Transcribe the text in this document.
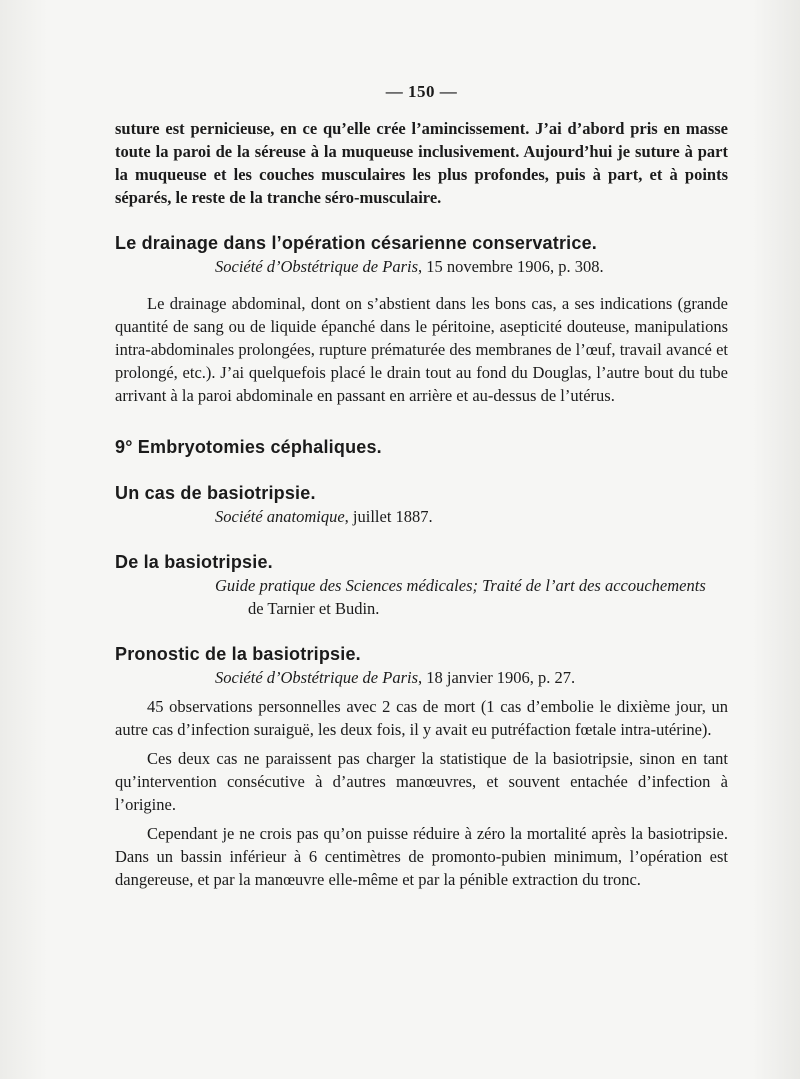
— 150 —

suture est pernicieuse, en ce qu’elle crée l’amincissement. J’ai d’abord pris en masse toute la paroi de la séreuse à la muqueuse inclusivement. Aujourd’hui je suture à part la muqueuse et les couches musculaires les plus profondes, puis à part, et à points séparés, le reste de la tranche séro-musculaire.

Le drainage dans l’opération césarienne conservatrice.
Société d’Obstétrique de Paris, 15 novembre 1906, p. 308.

Le drainage abdominal, dont on s’abstient dans les bons cas, a ses indications (grande quantité de sang ou de liquide épanché dans le péritoine, asepticité douteuse, manipulations intra-abdominales prolongées, rupture prématurée des membranes de l’œuf, travail avancé et prolongé, etc.). J’ai quelquefois placé le drain tout au fond du Douglas, l’autre bout du tube arrivant à la paroi abdominale en passant en arrière et au-dessus de l’utérus.

9° Embryotomies céphaliques.
Un cas de basiotripsie.
Société anatomique, juillet 1887.
De la basiotripsie.
Guide pratique des Sciences médicales; Traité de l’art des accouchements
de Tarnier et Budin.
Pronostic de la basiotripsie.
Société d’Obstétrique de Paris, 18 janvier 1906, p. 27.

45 observations personnelles avec 2 cas de mort (1 cas d’embolie le dixième jour, un autre cas d’infection suraiguë, les deux fois, il y avait eu putréfaction fœtale intra-utérine).

Ces deux cas ne paraissent pas charger la statistique de la basiotripsie, sinon en tant qu’intervention consécutive à d’autres manœuvres, et souvent entachée d’infection à l’origine.

Cependant je ne crois pas qu’on puisse réduire à zéro la mortalité après la basiotripsie. Dans un bassin inférieur à 6 centimètres de promonto-pubien minimum, l’opération est dangereuse, et par la manœuvre elle-même et par la pénible extraction du tronc.
